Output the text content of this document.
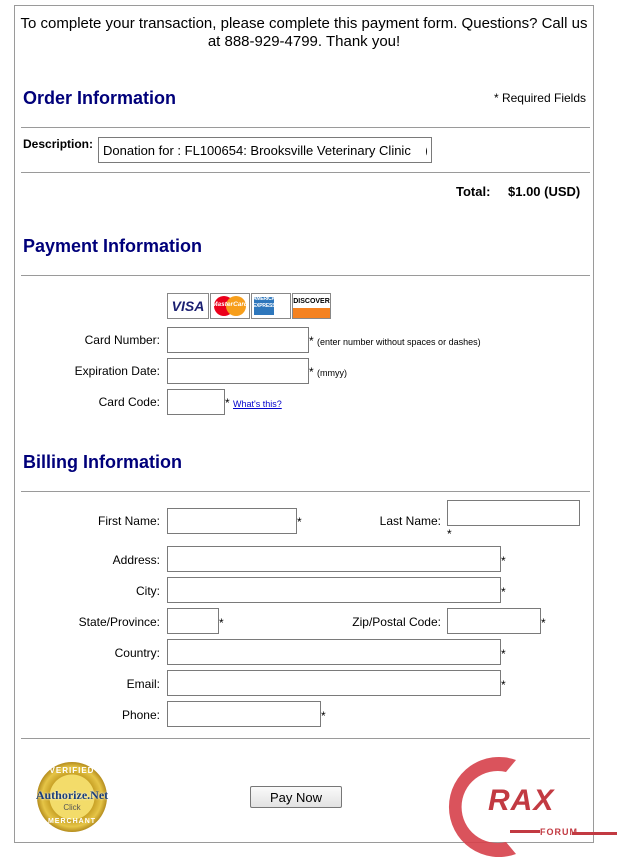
To complete your transaction, please complete this payment form. Questions? Call us at 888-929-4799. Thank you!
Order Information	* Required Fields
Description:
Donation for : FL100654: Brooksville Veterinary Clinic (B
Total: $1.00 (USD)
Payment Information
VISA	MasterCard
AMERICAN EXPRESS Cards
DISCOVER
Card Number:	* (enter number without spaces or dashes)
Expiration Date:	* (mmyy)
Card Code:	* What's this?
Billing Information
First Name:	*	Last Name:
*
Address:	*
City:	*
State/Province:	*	Zip/Postal Code:	*
Country:	*
Email:	*
Phone:	*
VERIFIED
Authorize.Net
Click
MERCHANT
Pay Now	RAX
FORUM
